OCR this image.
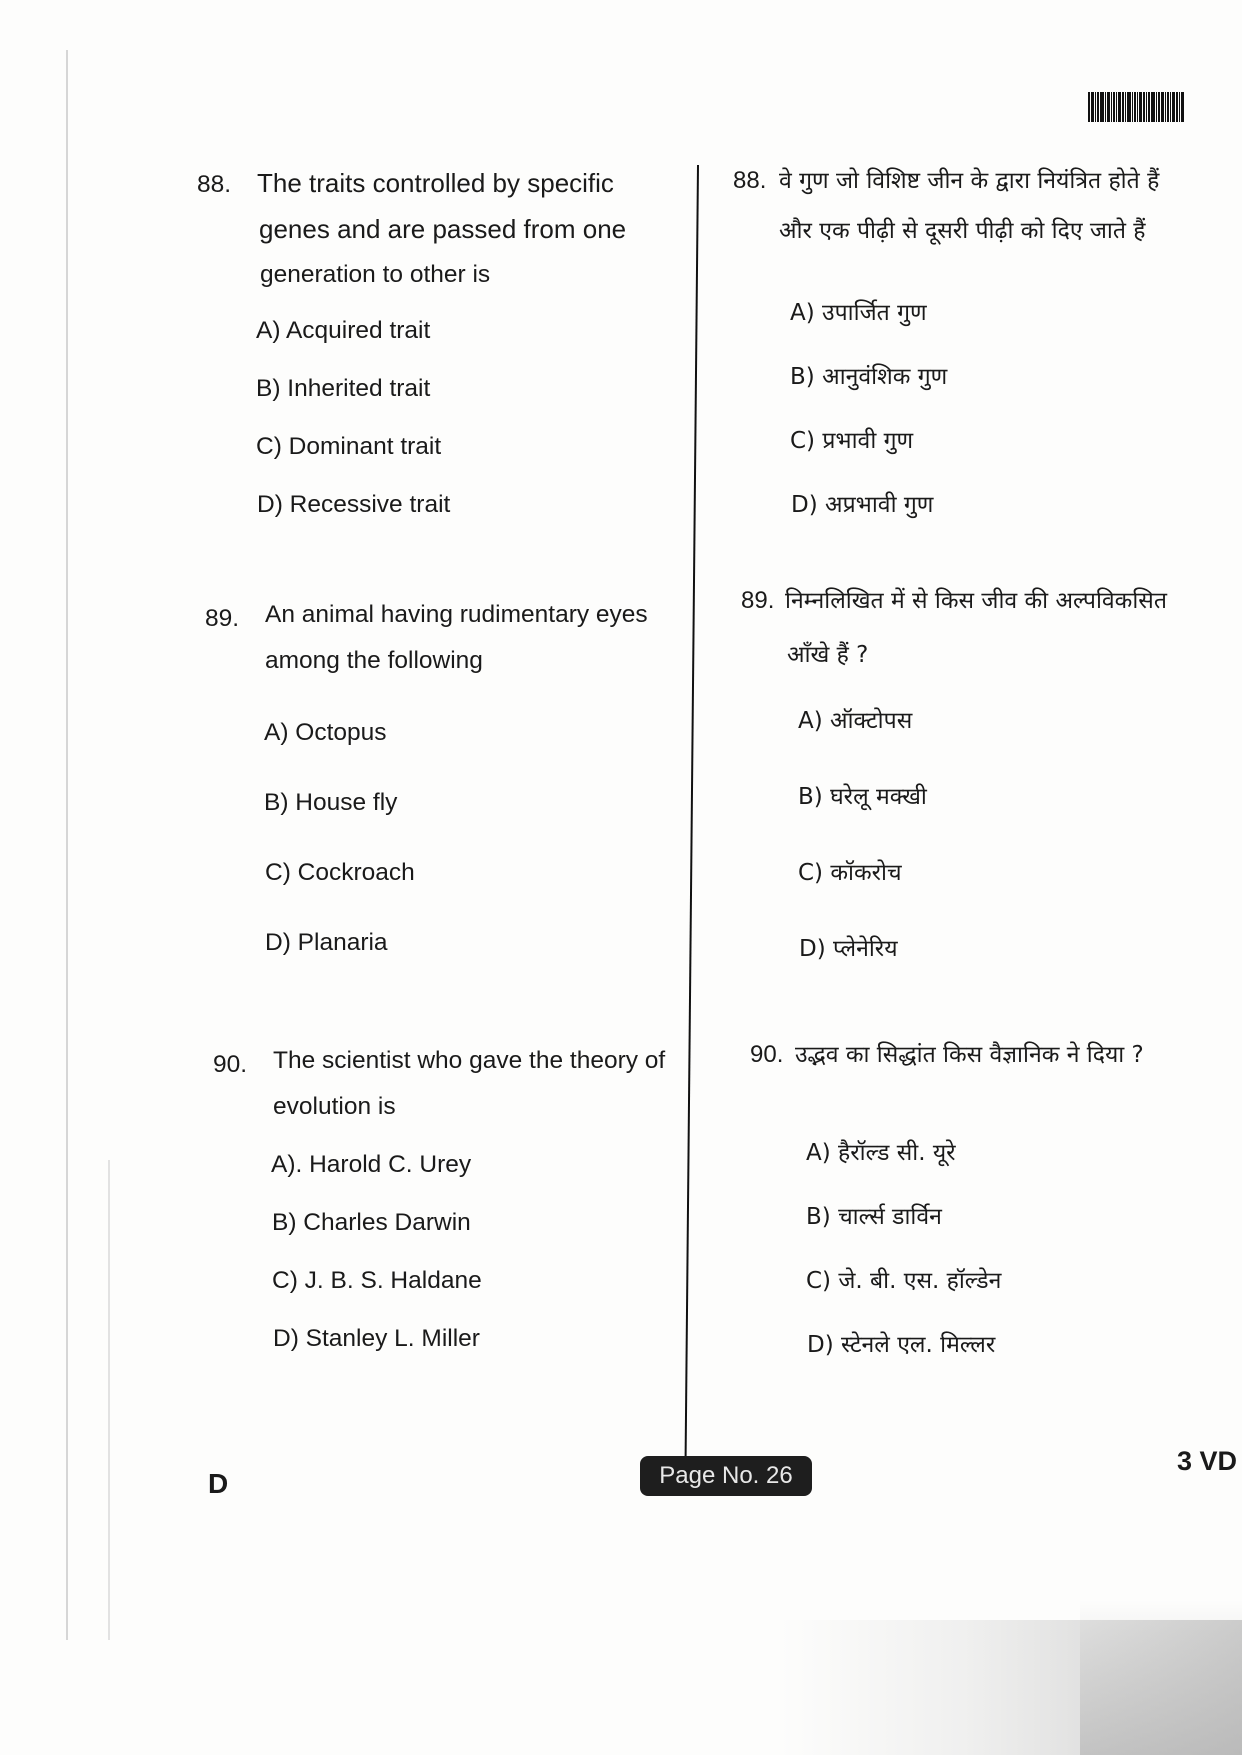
88. The traits controlled by specific
genes and are passed from one
generation to other is
A) Acquired trait
B) Inherited trait
C) Dominant trait
D) Recessive trait
89. An animal having rudimentary eyes
among the following
A) Octopus
B) House fly
C) Cockroach
D) Planaria
90. The scientist who gave the theory of
evolution is
A). Harold C. Urey
B) Charles Darwin
C) J. B. S. Haldane
D) Stanley L. Miller
88. वे गुण जो विशिष्ट जीन के द्वारा नियंत्रित होते हैं
और एक पीढ़ी से दूसरी पीढ़ी को दिए जाते हैं
A) उपार्जित गुण
B) आनुवंशिक गुण
C) प्रभावी गुण
D) अप्रभावी गुण
89. निम्नलिखित में से किस जीव की अल्पविकसित
आँखे हैं ?
A) ऑक्टोपस
B) घरेलू मक्खी
C) कॉकरोच
D) प्लेनेरिय
90. उद्भव का सिद्धांत किस वैज्ञानिक ने दिया ?
A) हैरॉल्ड सी. यूरे
B) चार्ल्स डार्विन
C) जे. बी. एस. हॉल्डेन
D) स्टेनले एल. मिल्लर
D	Page No. 26	3 VD
